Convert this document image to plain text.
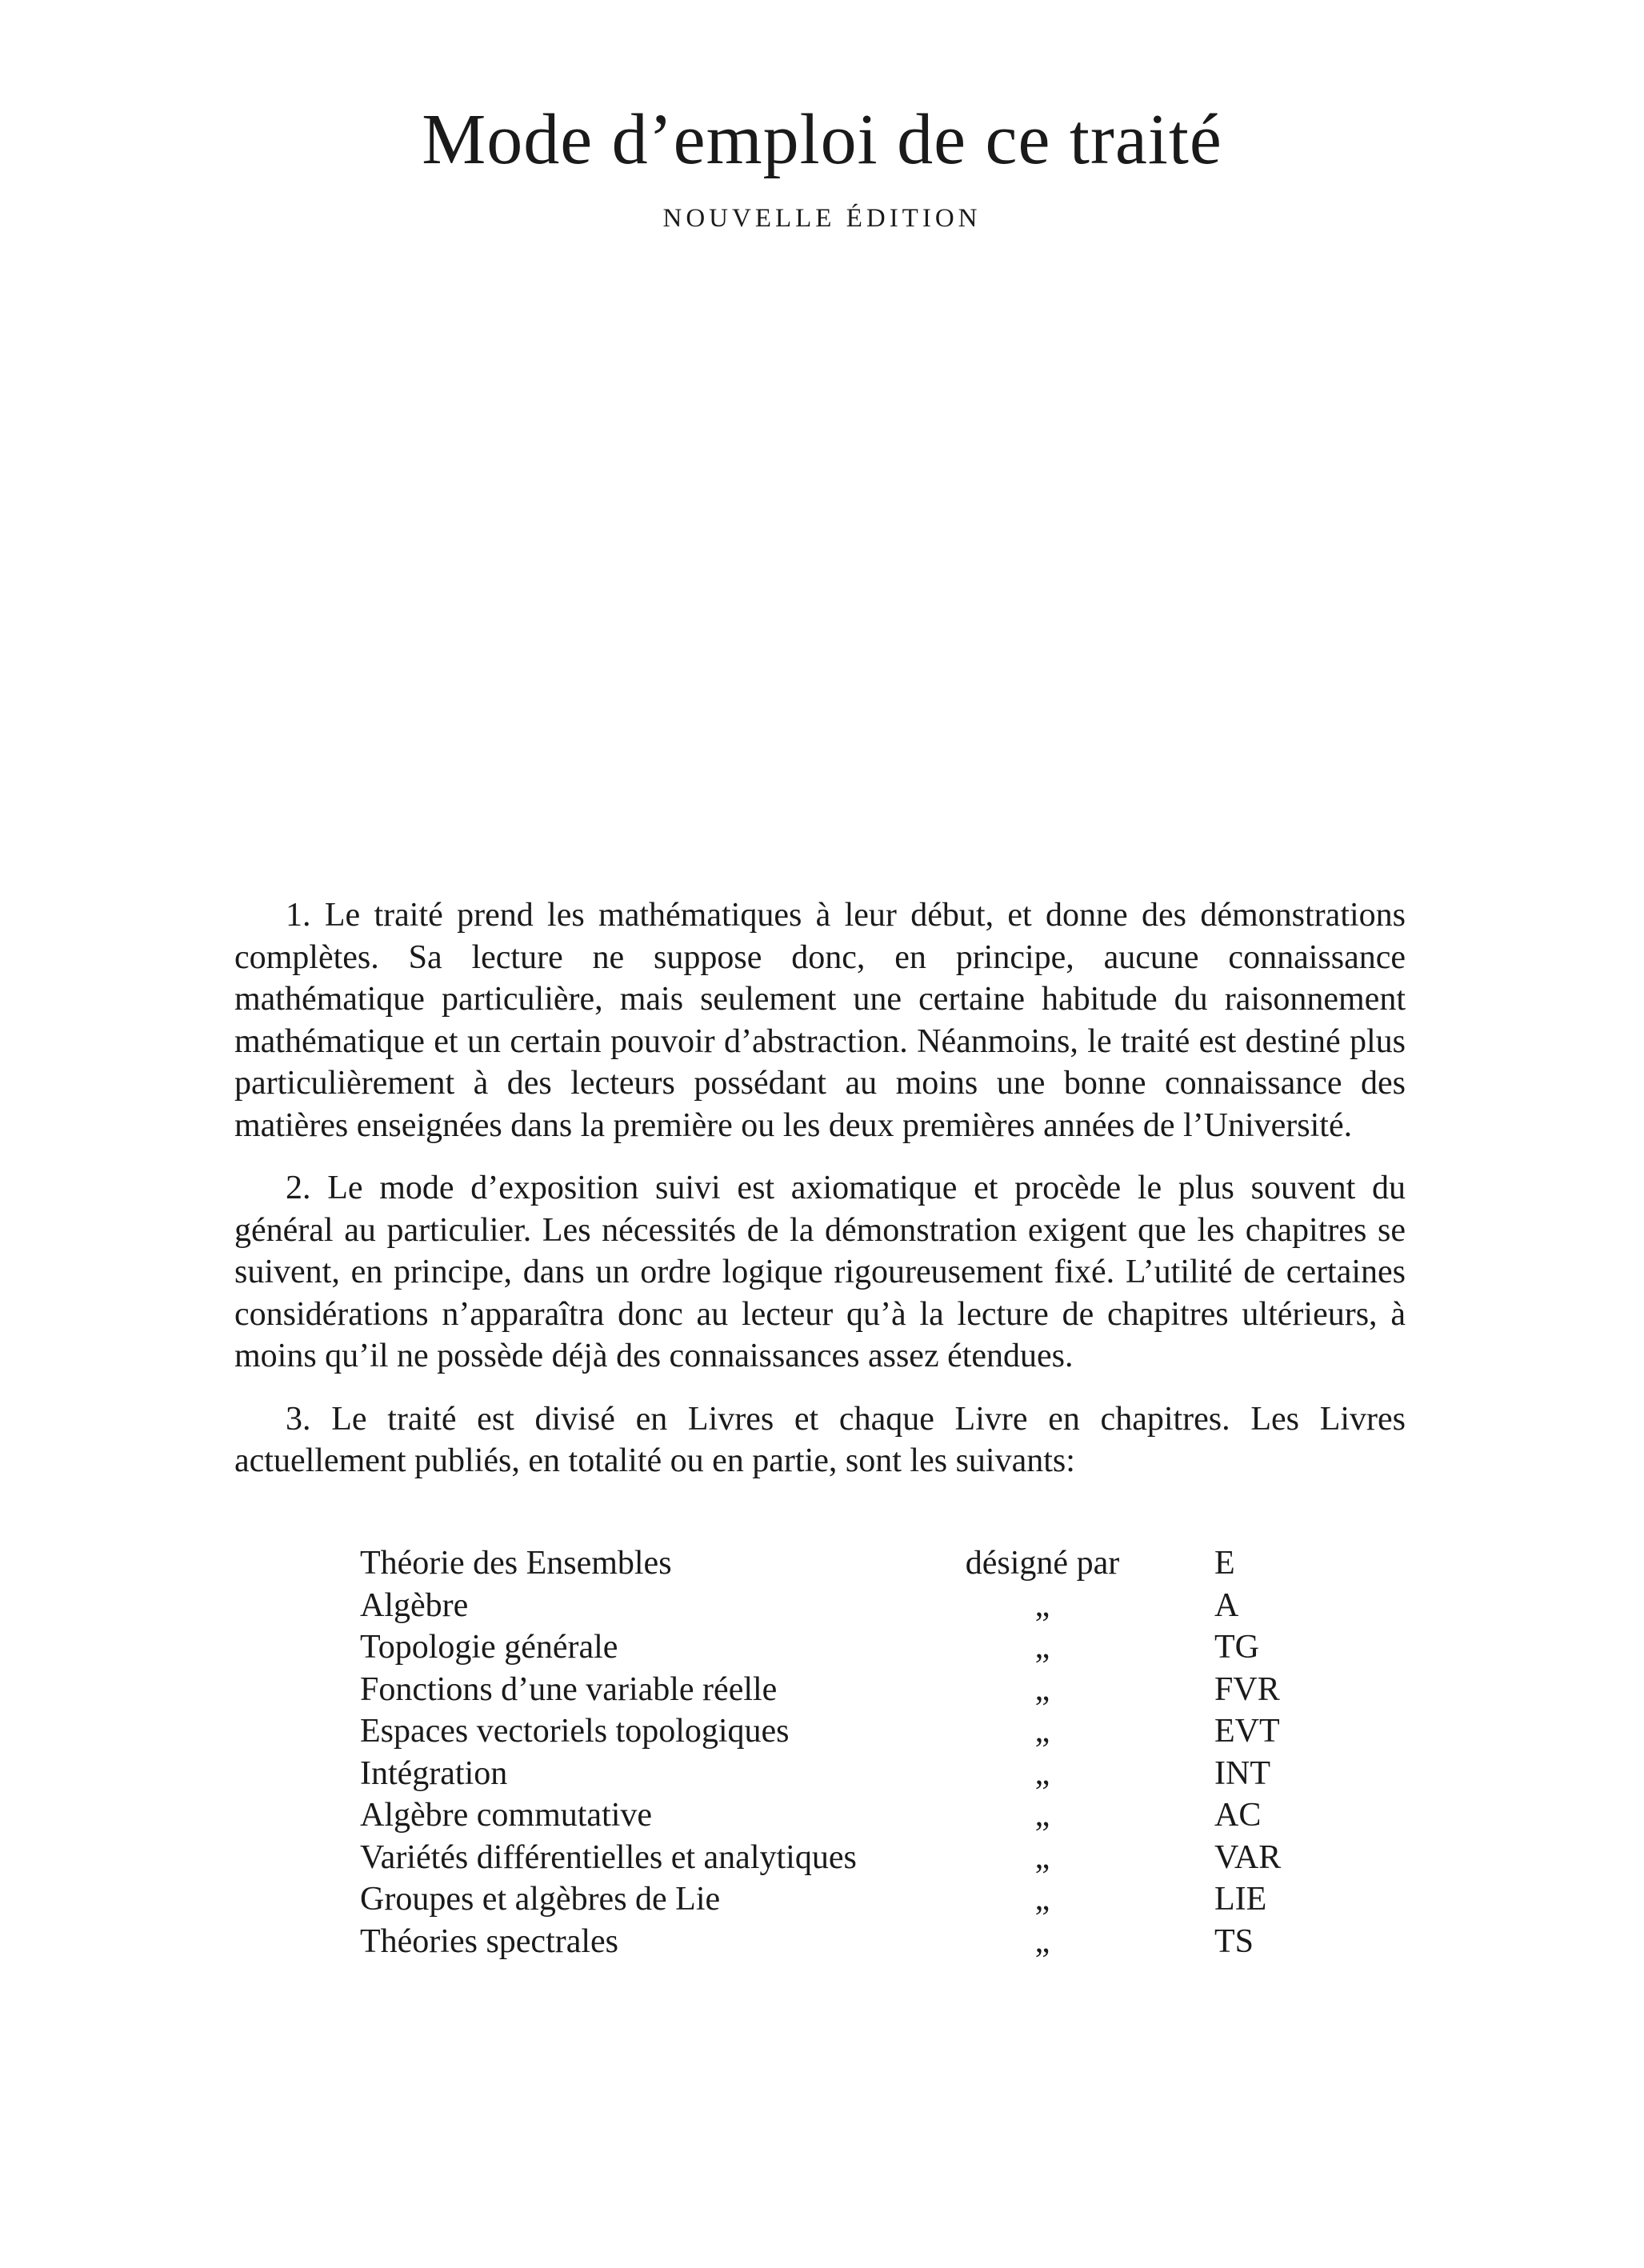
Mode d’emploi de ce traité
NOUVELLE ÉDITION

1. Le traité prend les mathématiques à leur début, et donne des démonstrations complètes. Sa lecture ne suppose donc, en principe, aucune connaissance mathématique particulière, mais seulement une certaine habitude du raisonnement mathématique et un certain pouvoir d’abstraction. Néanmoins, le traité est destiné plus particulièrement à des lecteurs possédant au moins une bonne connaissance des matières enseignées dans la première ou les deux premières années de l’Université.

2. Le mode d’exposition suivi est axiomatique et procède le plus souvent du général au particulier. Les nécessités de la démonstration exigent que les chapitres se suivent, en principe, dans un ordre logique rigoureusement fixé. L’utilité de certaines considérations n’apparaîtra donc au lecteur qu’à la lecture de chapitres ultérieurs, à moins qu’il ne possède déjà des connaissances assez étendues.

3. Le traité est divisé en Livres et chaque Livre en chapitres. Les Livres actuellement publiés, en totalité ou en partie, sont les suivants:

Théorie des Ensembles	désigné par	E
Algèbre	„	A
Topologie générale	„	TG
Fonctions d’une variable réelle	„	FVR
Espaces vectoriels topologiques	„	EVT
Intégration	„	INT
Algèbre commutative	„	AC
Variétés différentielles et analytiques	„	VAR
Groupes et algèbres de Lie	„	LIE
Théories spectrales	„	TS
